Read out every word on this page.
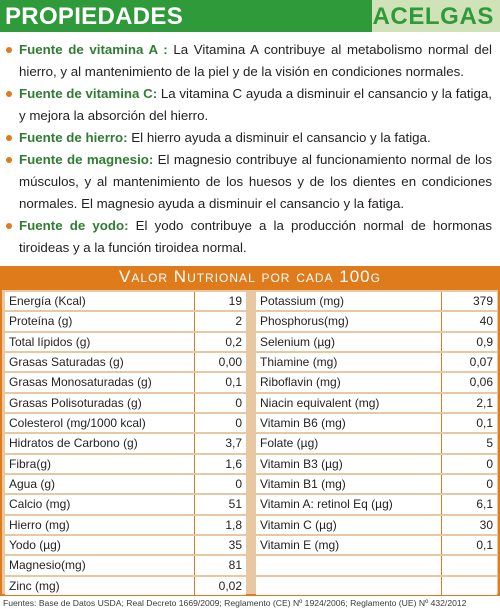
PROPIEDADES	ACELGAS
Fuente de vitamina A : La Vitamina A contribuye al metabolismo normal del hierro, y al mantenimiento de la piel y de la visión en condiciones normales.
Fuente de vitamina C: La vitamina C ayuda a disminuir el cansancio y la fatiga, y mejora la absorción del hierro.
Fuente de hierro: El hierro ayuda a disminuir el cansancio y la fatiga.
Fuente de magnesio: El magnesio contribuye al funcionamiento normal de los músculos, y al mantenimiento de los huesos y de los dientes en condiciones normales. El magnesio ayuda a disminuir el cansancio y la fatiga.
Fuente de yodo: El yodo contribuye a la producción normal de hormonas tiroideas y a la función tiroidea normal.
Valor Nutrional por cada 100g
Energía (Kcal)	19
Proteína (g)	2
Total lípidos (g)	0,2
Grasas Saturadas (g)	0,00
Grasas Monosaturadas (g)	0,1
Grasas Polisoturadas (g)	0
Colesterol (mg/1000 kcal)	0
Hidratos de Carbono (g)	3,7
Fibra(g)	1,6
Agua (g)	0
Calcio (mg)	51
Hierro (mg)	1,8
Yodo (µg)	35
Magnesio(mg)	81
Zinc (mg)	0,02
Potassium (mg)	379
Phosphorus(mg)	40
Selenium (µg)	0,9
Thiamine (mg)	0,07
Riboflavin (mg)	0,06
Niacin equivalent (mg)	2,1
Vitamin B6 (mg)	0,1
Folate (µg)	5
Vitamin B3 (µg)	0
Vitamin B1 (mg)	0
Vitamin A: retinol Eq (µg)	6,1
Vitamin C (µg)	30
Vitamin E (mg)	0,1
Fuentes: Base de Datos USDA; Real Decreto 1669/2009; Reglamento (CE) Nº 1924/2006; Reglamento (UE) Nº 432/2012
